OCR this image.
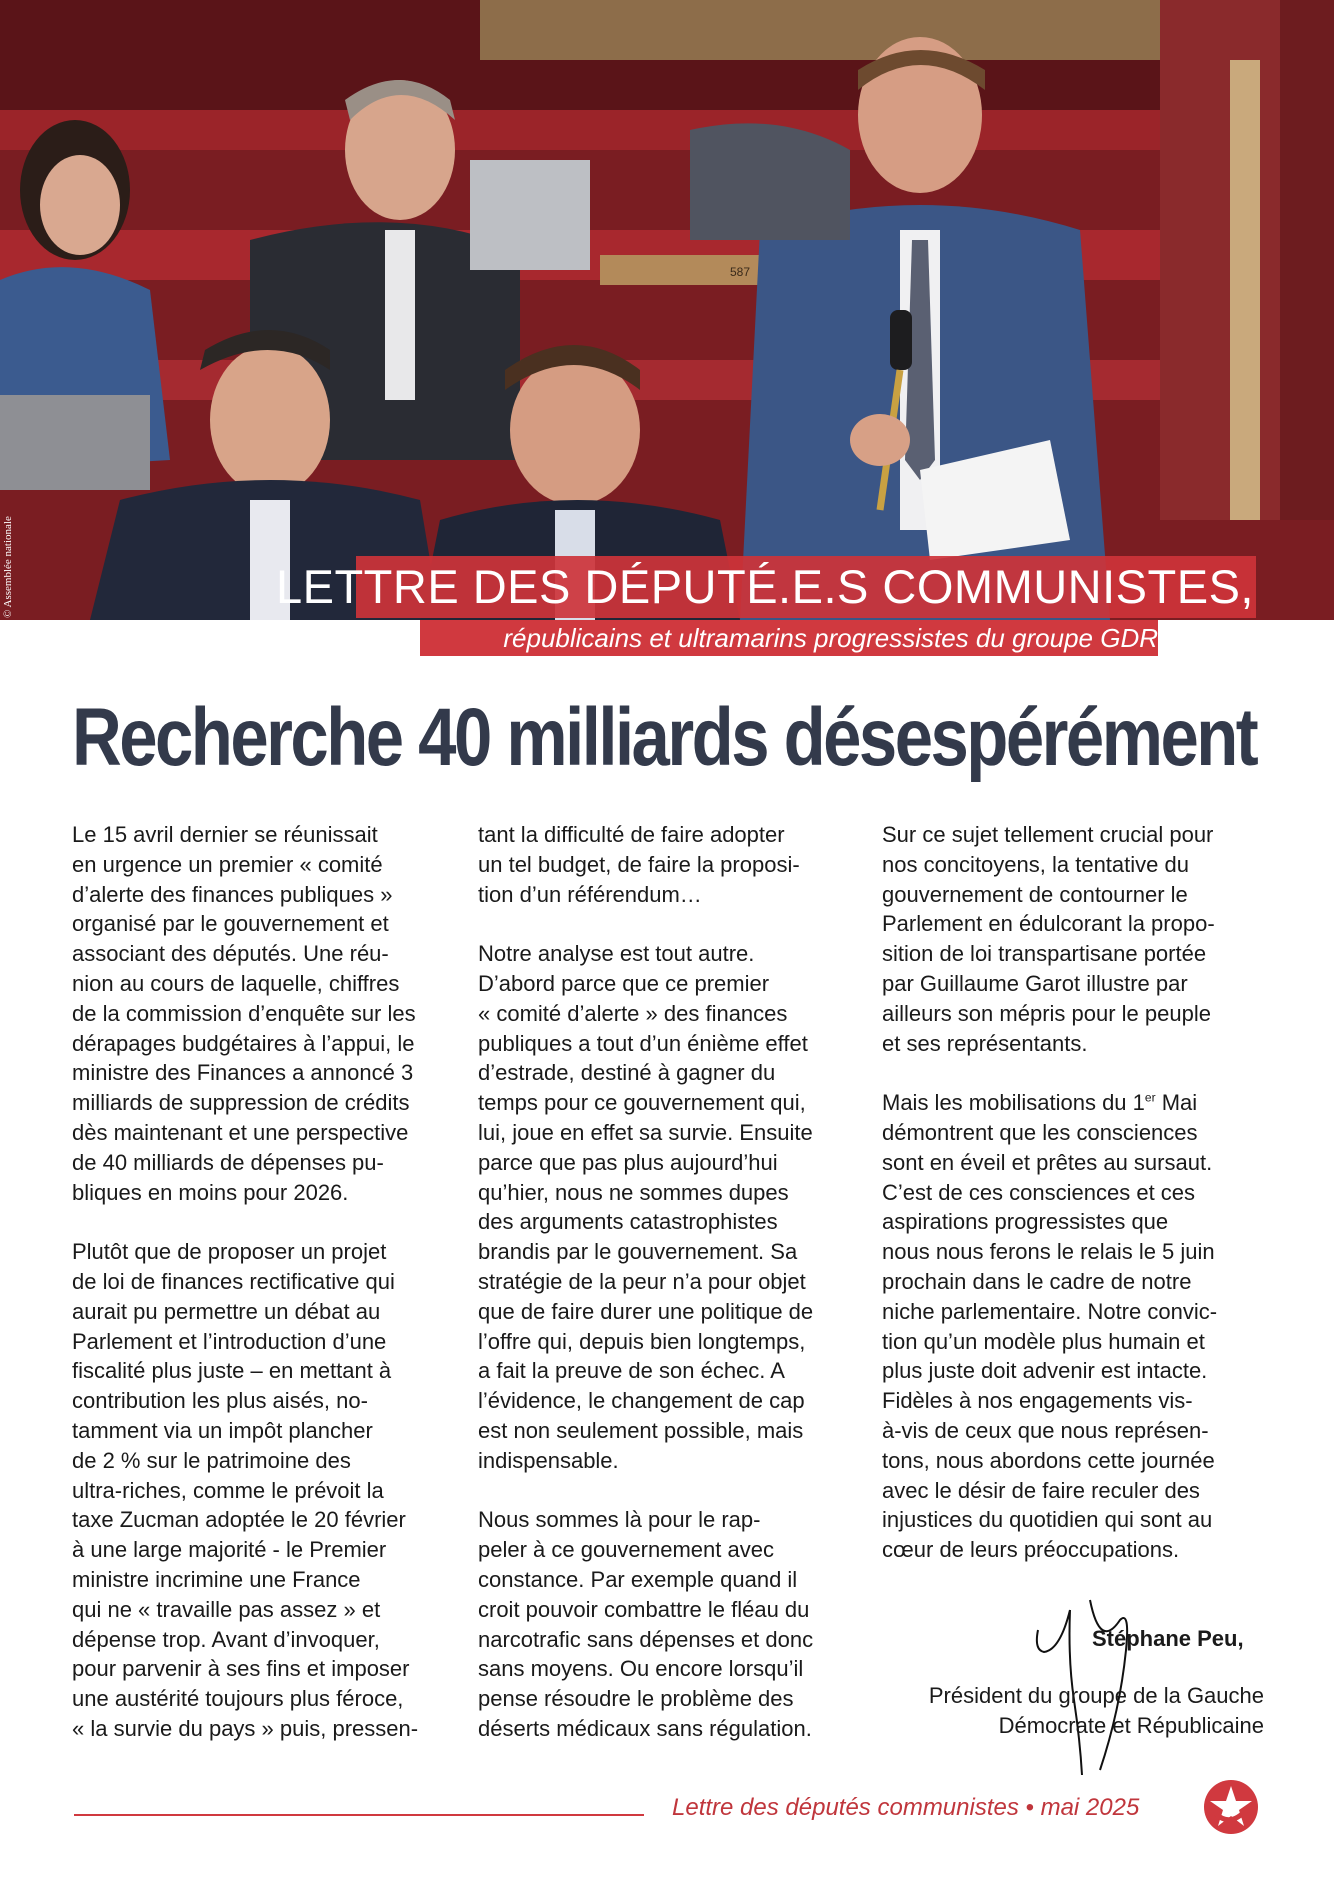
587
© Assemblée nationale	LETTRE DES DÉPUTÉ.E.S COMMUNISTES,
républicains et ultramarins progressistes du groupe GDR
Recherche 40 milliards désespérément

Le 15 avril dernier se réunissait
en urgence un premier « comité
d’alerte des finances publiques »
organisé par le gouvernement et
associant des députés. Une réu-
nion au cours de laquelle, chiffres
de la commission d’enquête sur les
dérapages budgétaires à l’appui, le
ministre des Finances a annoncé 3
milliards de suppression de crédits
dès maintenant et une perspective
de 40 milliards de dépenses pu-
bliques en moins pour 2026.

Plutôt que de proposer un projet
de loi de finances rectificative qui
aurait pu permettre un débat au
Parlement et l’introduction d’une
fiscalité plus juste – en mettant à
contribution les plus aisés, no-
tamment via un impôt plancher
de 2 % sur le patrimoine des
ultra-riches, comme le prévoit la
taxe Zucman adoptée le 20 février
à une large majorité - le Premier
ministre incrimine une France
qui ne « travaille pas assez » et
dépense trop. Avant d’invoquer,
pour parvenir à ses fins et imposer
une austérité toujours plus féroce,
« la survie du pays » puis, pressen-

tant la difficulté de faire adopter
un tel budget, de faire la proposi-
tion d’un référendum…

Notre analyse est tout autre.
D’abord parce que ce premier
« comité d’alerte » des finances
publiques a tout d’un énième effet
d’estrade, destiné à gagner du
temps pour ce gouvernement qui,
lui, joue en effet sa survie. Ensuite
parce que pas plus aujourd’hui
qu’hier, nous ne sommes dupes
des arguments catastrophistes
brandis par le gouvernement. Sa
stratégie de la peur n’a pour objet
que de faire durer une politique de
l’offre qui, depuis bien longtemps,
a fait la preuve de son échec. A
l’évidence, le changement de cap
est non seulement possible, mais
indispensable.

Nous sommes là pour le rap-
peler à ce gouvernement avec
constance. Par exemple quand il
croit pouvoir combattre le fléau du
narcotrafic sans dépenses et donc
sans moyens. Ou encore lorsqu’il
pense résoudre le problème des
déserts médicaux sans régulation.

Sur ce sujet tellement crucial pour
nos concitoyens, la tentative du
gouvernement de contourner le
Parlement en édulcorant la propo-
sition de loi transpartisane portée
par Guillaume Garot illustre par
ailleurs son mépris pour le peuple
et ses représentants.

Mais les mobilisations du 1er Mai
démontrent que les consciences
sont en éveil et prêtes au sursaut.
C’est de ces consciences et ces
aspirations progressistes que
nous nous ferons le relais le 5 juin
prochain dans le cadre de notre
niche parlementaire. Notre convic-
tion qu’un modèle plus humain et
plus juste doit advenir est intacte.
Fidèles à nos engagements vis-
à-vis de ceux que nous représen-
tons, nous abordons cette journée
avec le désir de faire reculer des
injustices du quotidien qui sont au
cœur de leurs préoccupations.

Stéphane Peu,
Président du groupe de la Gauche
Démocrate et Républicaine
Lettre des députés communistes • mai 2025
